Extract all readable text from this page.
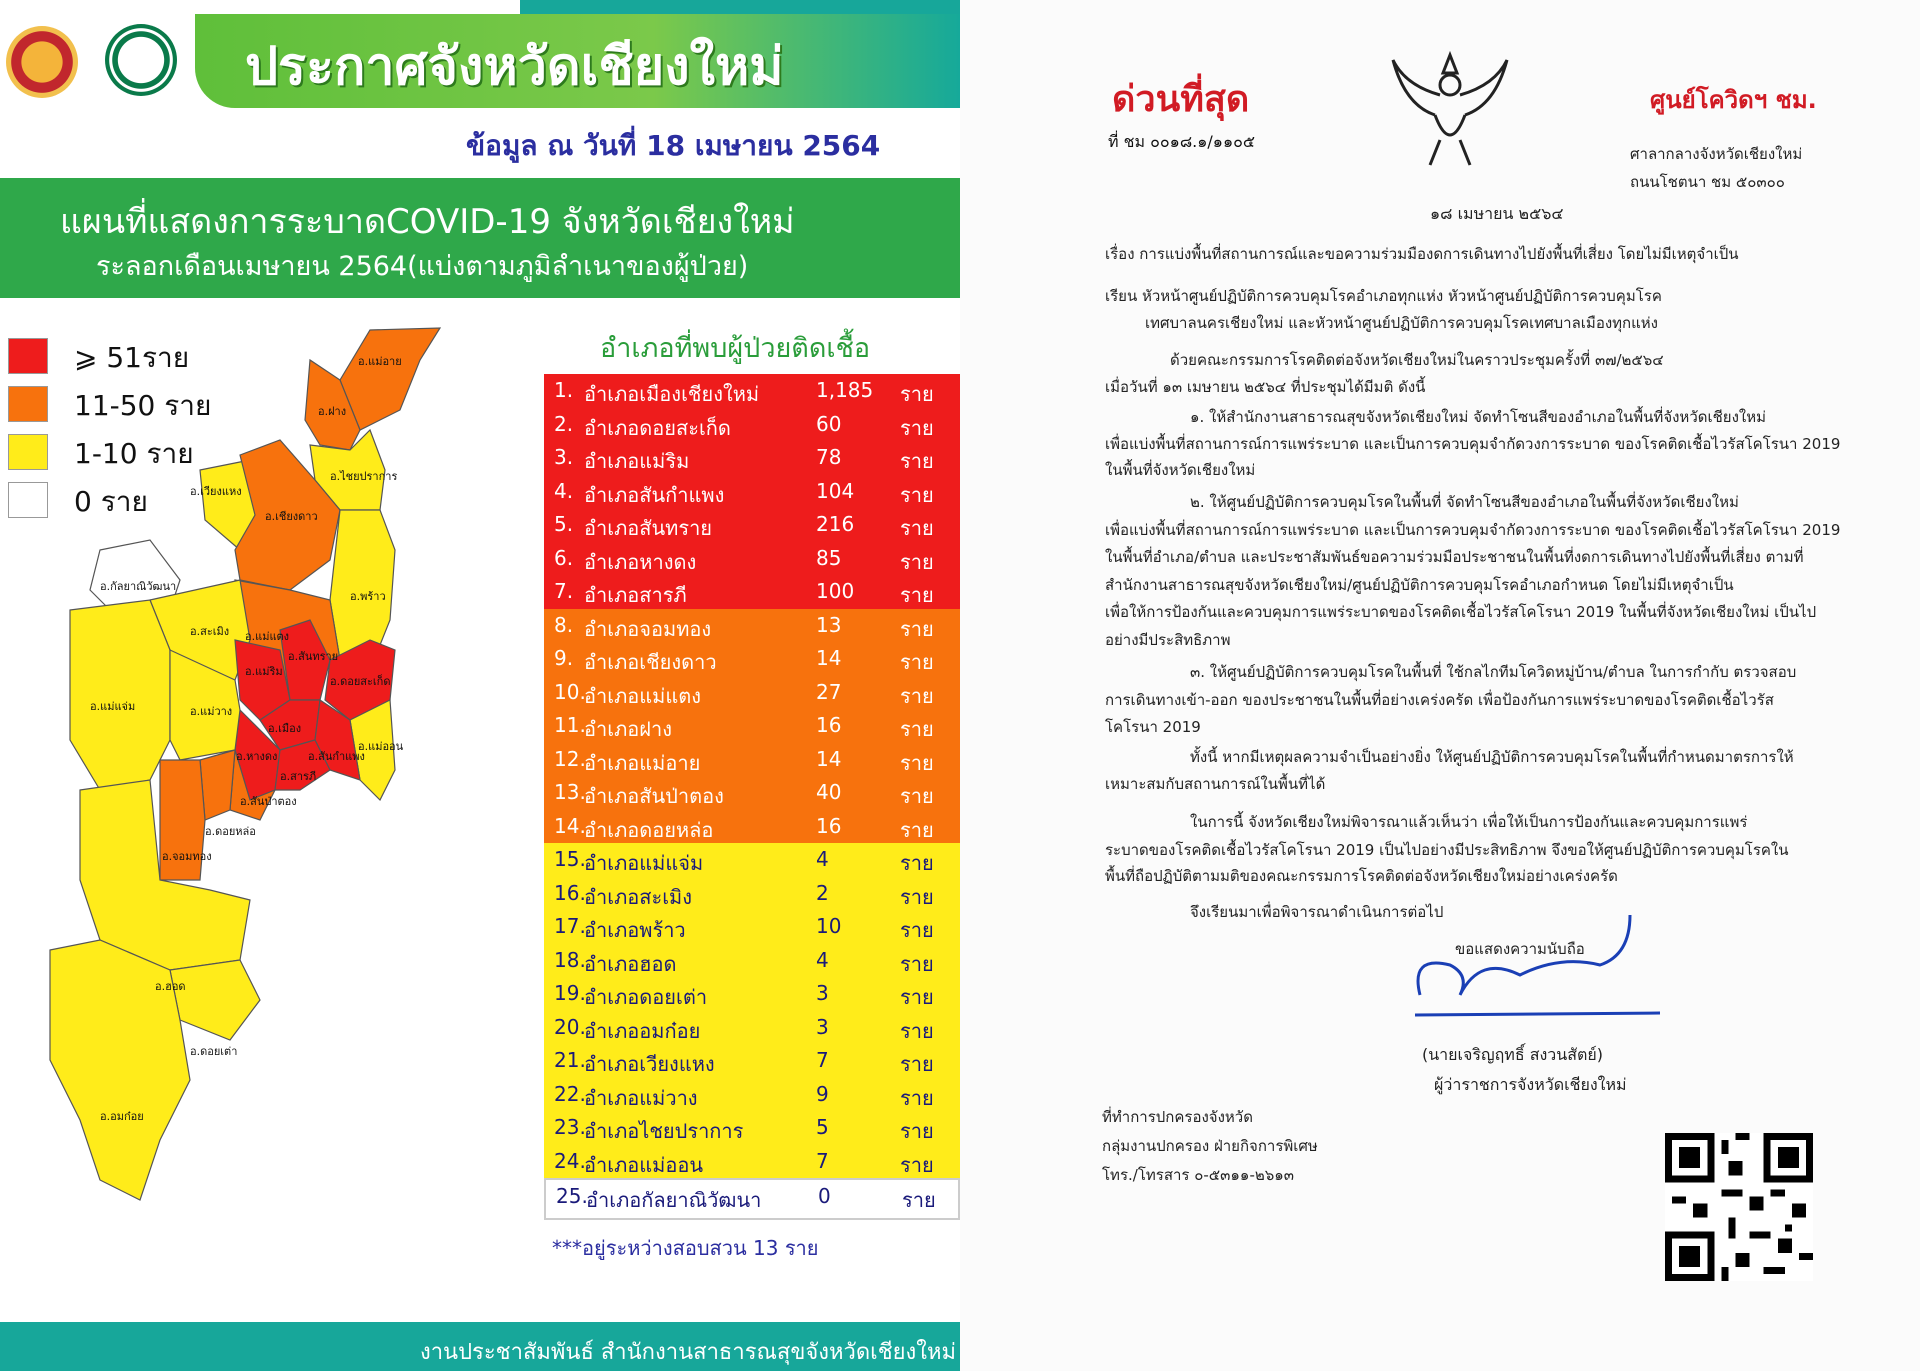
ประกาศจังหวัดเชียงใหม่
ข้อมูล ณ วันที่ 18 เมษายน 2564
แผนที่แสดงการระบาดCOVID-19 จังหวัดเชียงใหม่
ระลอกเดือนเมษายน 2564(แบ่งตามภูมิลำเนาของผู้ป่วย)
⩾ 51ราย
11-50 ราย
1-10 ราย
0 ราย
อ.แม่อาย
อ.ฝาง
อ.ไชยปราการ
อ.เวียงแหง
อ.เชียงดาว
อ.พร้าว
อ.แม่แตง
อ.กัลยาณิวัฒนา
อ.สะเมิง
อ.แม่ริม
อ.สันทราย
อ.ดอยสะเก็ด
อ.แม่ออน
อ.เมือง
อ.สันกำแพง
อ.หางดง
อ.สารภี
อ.แม่แจ่ม	อ.แม่วาง
อ.สันป่าตอง
อ.ดอยหล่อ
อ.จอมทอง
อ.ฮอด
อ.ดอยเต่า
อ.อมก๋อย
อำเภอที่พบผู้ป่วยติดเชื้อ
1. อำเภอเมืองเชียงใหม่	1,185 ราย
2. อำเภอดอยสะเก็ด	60	ราย
3. อำเภอแม่ริม	78	ราย
4. อำเภอสันกำแพง	104 ราย
5. อำเภอสันทราย	216 ราย
6. อำเภอหางดง	85	ราย
7. อำเภอสารภี	100 ราย
8. อำเภอจอมทอง	13	ราย
9. อำเภอเชียงดาว	14	ราย
10.
อำเภอแม่แตง	27	ราย
11.
อำเภอฝาง	16	ราย
12.
อำเภอแม่อาย	14	ราย
13.
อำเภอสันป่าตอง	40	ราย
14.
อำเภอดอยหล่อ	16	ราย
15.
อำเภอแม่แจ่ม	4	ราย
16.
อำเภอสะเมิง	2	ราย
17.
อำเภอพร้าว	10	ราย
18.
อำเภอฮอด	4	ราย
19.
อำเภอดอยเต่า	3	ราย
20.
อำเภออมก๋อย	3	ราย
21.
อำเภอเวียงแหง	7	ราย
22.
อำเภอแม่วาง	9	ราย
23.
อำเภอไชยปราการ	5	ราย
24.
อำเภอแม่ออน	7	ราย
25.
อำเภอกัลยาณิวัฒนา	0	ราย
***อยู่ระหว่างสอบสวน 13 ราย
งานประชาสัมพันธ์ สำนักงานสาธารณสุขจังหวัดเชียงใหม่
ด่วนที่สุด	ศูนย์โควิดฯ ชม.
ที่ ชม ๐๐๑๘.๑/๑๑๐๕
ศาลากลางจังหวัดเชียงใหม่
ถนนโชตนา ชม ๕๐๓๐๐
๑๘ เมษายน ๒๕๖๔
เรื่อง การแบ่งพื้นที่สถานการณ์และขอความร่วมมืองดการเดินทางไปยังพื้นที่เสี่ยง โดยไม่มีเหตุจำเป็น
เรียน หัวหน้าศูนย์ปฏิบัติการควบคุมโรคอำเภอทุกแห่ง หัวหน้าศูนย์ปฏิบัติการควบคุมโรค
เทศบาลนครเชียงใหม่ และหัวหน้าศูนย์ปฏิบัติการควบคุมโรคเทศบาลเมืองทุกแห่ง
ด้วยคณะกรรมการโรคติดต่อจังหวัดเชียงใหม่ในคราวประชุมครั้งที่ ๓๗/๒๕๖๔
เมื่อวันที่ ๑๓ เมษายน ๒๕๖๔ ที่ประชุมได้มีมติ ดังนี้
๑. ให้สำนักงานสาธารณสุขจังหวัดเชียงใหม่ จัดทำโซนสีของอำเภอในพื้นที่จังหวัดเชียงใหม่
เพื่อแบ่งพื้นที่สถานการณ์การแพร่ระบาด และเป็นการควบคุมจำกัดวงการระบาด ของโรคติดเชื้อไวรัสโคโรนา 2019
ในพื้นที่จังหวัดเชียงใหม่
๒. ให้ศูนย์ปฏิบัติการควบคุมโรคในพื้นที่ จัดทำโซนสีของอำเภอในพื้นที่จังหวัดเชียงใหม่
เพื่อแบ่งพื้นที่สถานการณ์การแพร่ระบาด และเป็นการควบคุมจำกัดวงการระบาด ของโรคติดเชื้อไวรัสโคโรนา 2019
ในพื้นที่อำเภอ/ตำบล และประชาสัมพันธ์ขอความร่วมมือประชาชนในพื้นที่งดการเดินทางไปยังพื้นที่เสี่ยง ตามที่
สำนักงานสาธารณสุขจังหวัดเชียงใหม่/ศูนย์ปฏิบัติการควบคุมโรคอำเภอกำหนด โดยไม่มีเหตุจำเป็น
เพื่อให้การป้องกันและควบคุมการแพร่ระบาดของโรคติดเชื้อไวรัสโคโรนา 2019 ในพื้นที่จังหวัดเชียงใหม่ เป็นไป
อย่างมีประสิทธิภาพ
๓. ให้ศูนย์ปฏิบัติการควบคุมโรคในพื้นที่ ใช้กลไกทีมโควิดหมู่บ้าน/ตำบล ในการกำกับ ตรวจสอบ
การเดินทางเข้า-ออก ของประชาชนในพื้นที่อย่างเคร่งครัด เพื่อป้องกันการแพร่ระบาดของโรคติดเชื้อไวรัส
โคโรนา 2019
ทั้งนี้ หากมีเหตุผลความจำเป็นอย่างยิ่ง ให้ศูนย์ปฏิบัติการควบคุมโรคในพื้นที่กำหนดมาตรการให้
เหมาะสมกับสถานการณ์ในพื้นที่ได้
ในการนี้ จังหวัดเชียงใหม่พิจารณาแล้วเห็นว่า เพื่อให้เป็นการป้องกันและควบคุมการแพร่
ระบาดของโรคติดเชื้อไวรัสโคโรนา 2019 เป็นไปอย่างมีประสิทธิภาพ จึงขอให้ศูนย์ปฏิบัติการควบคุมโรคใน
พื้นที่ถือปฏิบัติตามมติของคณะกรรมการโรคติดต่อจังหวัดเชียงใหม่อย่างเคร่งครัด
จึงเรียนมาเพื่อพิจารณาดำเนินการต่อไป
ขอแสดงความนับถือ
(นายเจริญฤทธิ์ สงวนสัตย์)
ผู้ว่าราชการจังหวัดเชียงใหม่
ที่ทำการปกครองจังหวัด
กลุ่มงานปกครอง ฝ่ายกิจการพิเศษ
โทร./โทรสาร ๐-๕๓๑๑-๒๖๑๓
